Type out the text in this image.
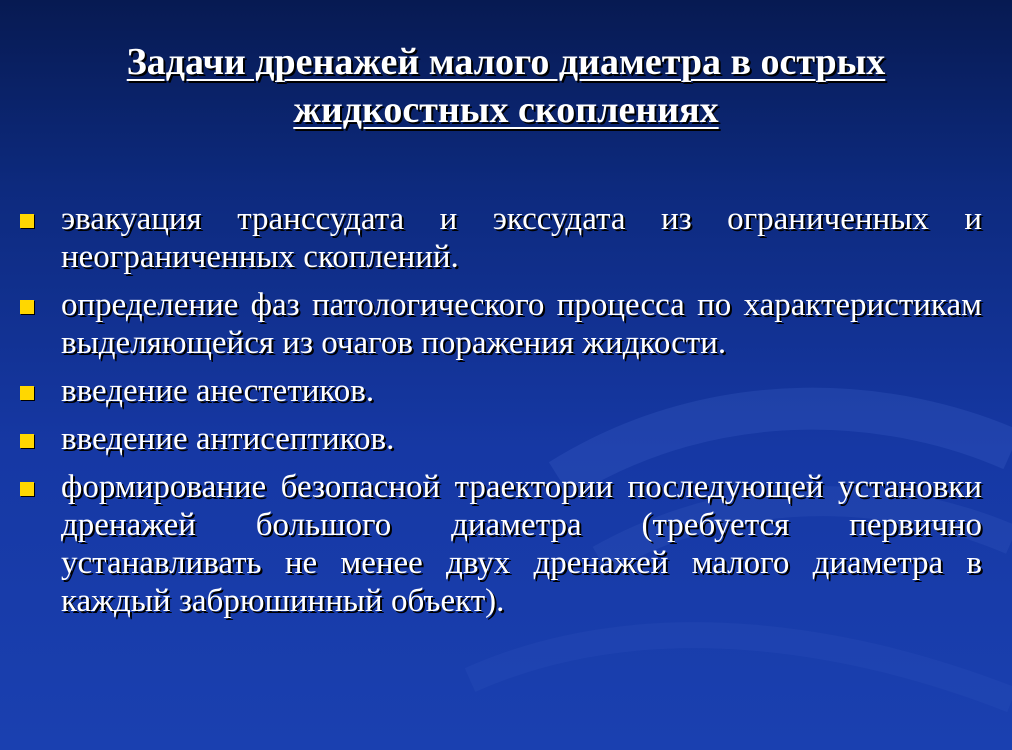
Задачи дренажей малого диаметра в острых
жидкостных скоплениях
эвакуация транссудата и экссудата из ограниченных и неограниченных скоплений.
определение фаз патологического процесса по характеристикам выделяющейся из очагов поражения жидкости.
введение анестетиков.
введение антисептиков.
формирование безопасной траектории последующей установки дренажей большого диаметра (требуется первично устанавливать не менее двух дренажей малого диаметра в каждый забрюшинный объект).
